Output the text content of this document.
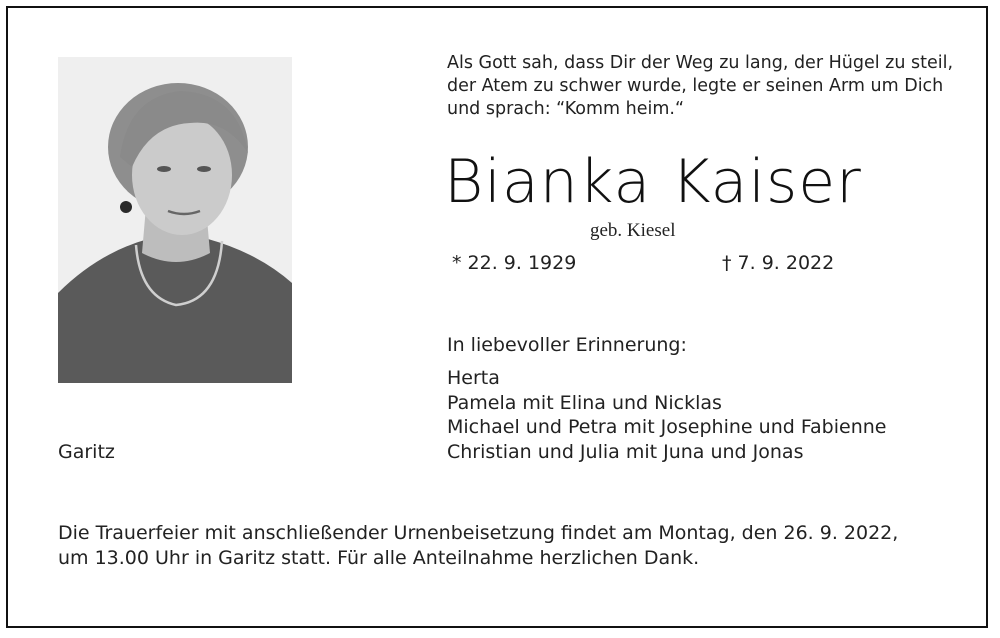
Als Gott sah, dass Dir der Weg zu lang, der Hügel zu steil,
der Atem zu schwer wurde, legte er seinen Arm um Dich
und sprach: “Komm heim.“
Bianka Kaiser
geb. Kiesel
* 22. 9. 1929	† 7. 9. 2022
In liebevoller Erinnerung:
Herta
Pamela mit Elina und Nicklas
Michael und Petra mit Josephine und Fabienne
Christian und Julia mit Juna und Jonas
Garitz
Die Trauerfeier mit anschließender Urnenbeisetzung findet am Montag, den 26. 9. 2022,
um 13.00 Uhr in Garitz statt. Für alle Anteilnahme herzlichen Dank.
